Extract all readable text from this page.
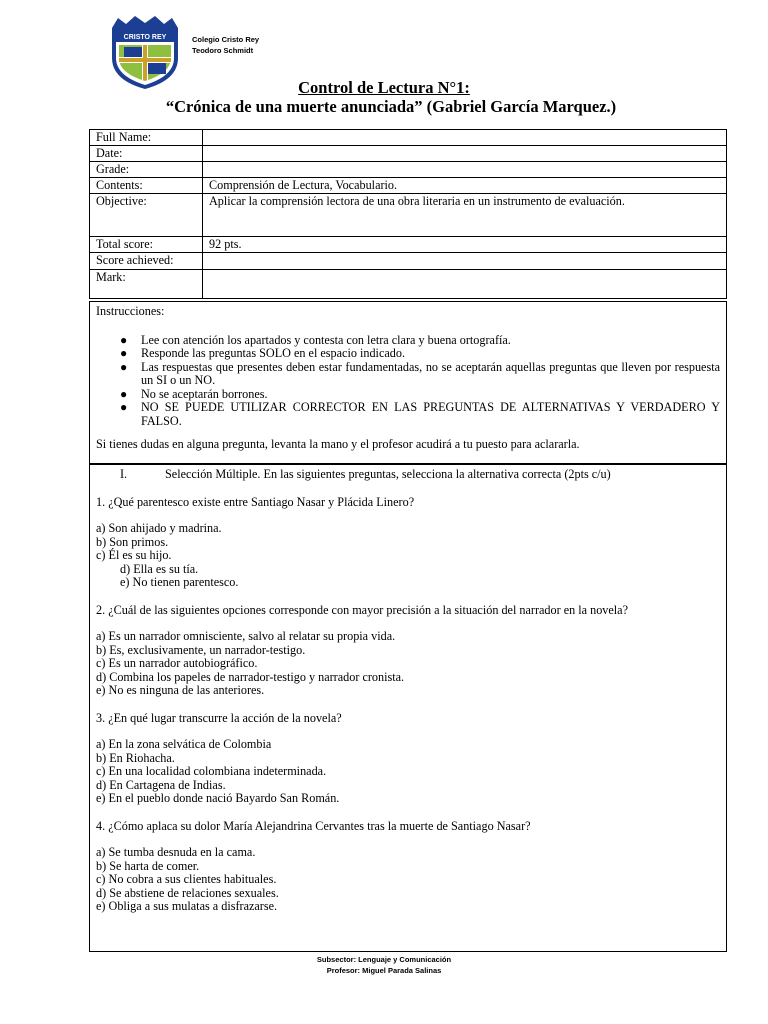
CRISTO REY	Colegio Cristo Rey
Teodoro Schmidt
Control de Lectura N°1:
“Crónica de una muerte anunciada” (Gabriel García Marquez.)
Full Name:	
Date:	
Grade:	
Contents:	Comprensión de Lectura, Vocabulario.
Objective:	Aplicar la comprensión lectora de una obra literaria en un instrumento de evaluación.
Total score:	92 pts.
Score achieved:	
Mark:	
Instrucciones:
● Lee con atención los apartados y contesta con letra clara y buena ortografía.
● Responde las preguntas SOLO en el espacio indicado.
● Las respuestas que presentes deben estar fundamentadas, no se aceptarán aquellas preguntas que lleven por respuesta un SI o un NO.
● No se aceptarán borrones.
● NO SE PUEDE UTILIZAR CORRECTOR EN LAS PREGUNTAS DE ALTERNATIVAS Y VERDADERO Y FALSO.
Si tienes dudas en alguna pregunta, levanta la mano y el profesor acudirá a tu puesto para aclararla.
I.	Selección Múltiple. En las siguientes preguntas, selecciona la alternativa correcta (2pts c/u)
1. ¿Qué parentesco existe entre Santiago Nasar y Plácida Linero?
a) Son ahijado y madrina.
b) Son primos.
c) Él es su hijo.
d) Ella es su tía.
e) No tienen parentesco.
2. ¿Cuál de las siguientes opciones corresponde con mayor precisión a la situación del narrador en la novela?
a) Es un narrador omnisciente, salvo al relatar su propia vida.
b) Es, exclusivamente, un narrador-testigo.
c) Es un narrador autobiográfico.
d) Combina los papeles de narrador-testigo y narrador cronista.
e) No es ninguna de las anteriores.
3. ¿En qué lugar transcurre la acción de la novela?
a) En la zona selvática de Colombia
b) En Riohacha.
c) En una localidad colombiana indeterminada.
d) En Cartagena de Indias.
e) En el pueblo donde nació Bayardo San Román.
4. ¿Cómo aplaca su dolor María Alejandrina Cervantes tras la muerte de Santiago Nasar?
a) Se tumba desnuda en la cama.
b) Se harta de comer.
c) No cobra a sus clientes habituales.
d) Se abstiene de relaciones sexuales.
e) Obliga a sus mulatas a disfrazarse.
Subsector: Lenguaje y Comunicación
Profesor: Miguel Parada Salinas
